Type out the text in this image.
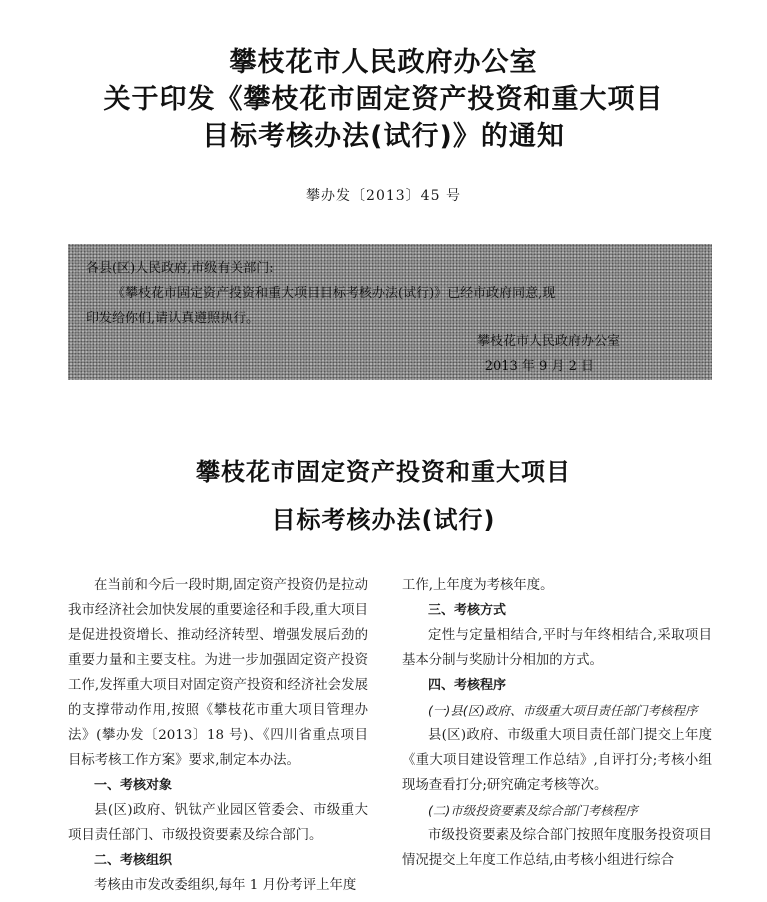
攀枝花市人民政府办公室
关于印发《攀枝花市固定资产投资和重大项目
目标考核办法(试行)》的通知
攀办发〔2013〕45 号
各县(区)人民政府,市级有关部门:
《攀枝花市固定资产投资和重大项目目标考核办法(试行)》已经市政府同意,现
印发给你们,请认真遵照执行。
攀枝花市人民政府办公室
2013 年 9 月 2 日
攀枝花市固定资产投资和重大项目
目标考核办法(试行)

在当前和今后一段时期,固定资产投资仍是拉动我市经济社会加快发展的重要途径和手段,重大项目是促进投资增长、推动经济转型、增强发展后劲的重要力量和主要支柱。为进一步加强固定资产投资工作,发挥重大项目对固定资产投资和经济社会发展的支撑带动作用,按照《攀枝花市重大项目管理办法》(攀办发〔2013〕18 号)、《四川省重点项目目标考核工作方案》要求,制定本办法。

一、考核对象

县(区)政府、钒钛产业园区管委会、市级重大项目责任部门、市级投资要素及综合部门。

二、考核组织

考核由市发改委组织,每年 1 月份考评上年度

工作,上年度为考核年度。

三、考核方式

定性与定量相结合,平时与年终相结合,采取项目基本分制与奖励计分相加的方式。

四、考核程序

(一)县(区)政府、市级重大项目责任部门考核程序

县(区)政府、市级重大项目责任部门提交上年度《重大项目建设管理工作总结》,自评打分;考核小组现场查看打分;研究确定考核等次。

(二)市级投资要素及综合部门考核程序

市级投资要素及综合部门按照年度服务投资项目情况提交上年度工作总结,由考核小组进行综合
